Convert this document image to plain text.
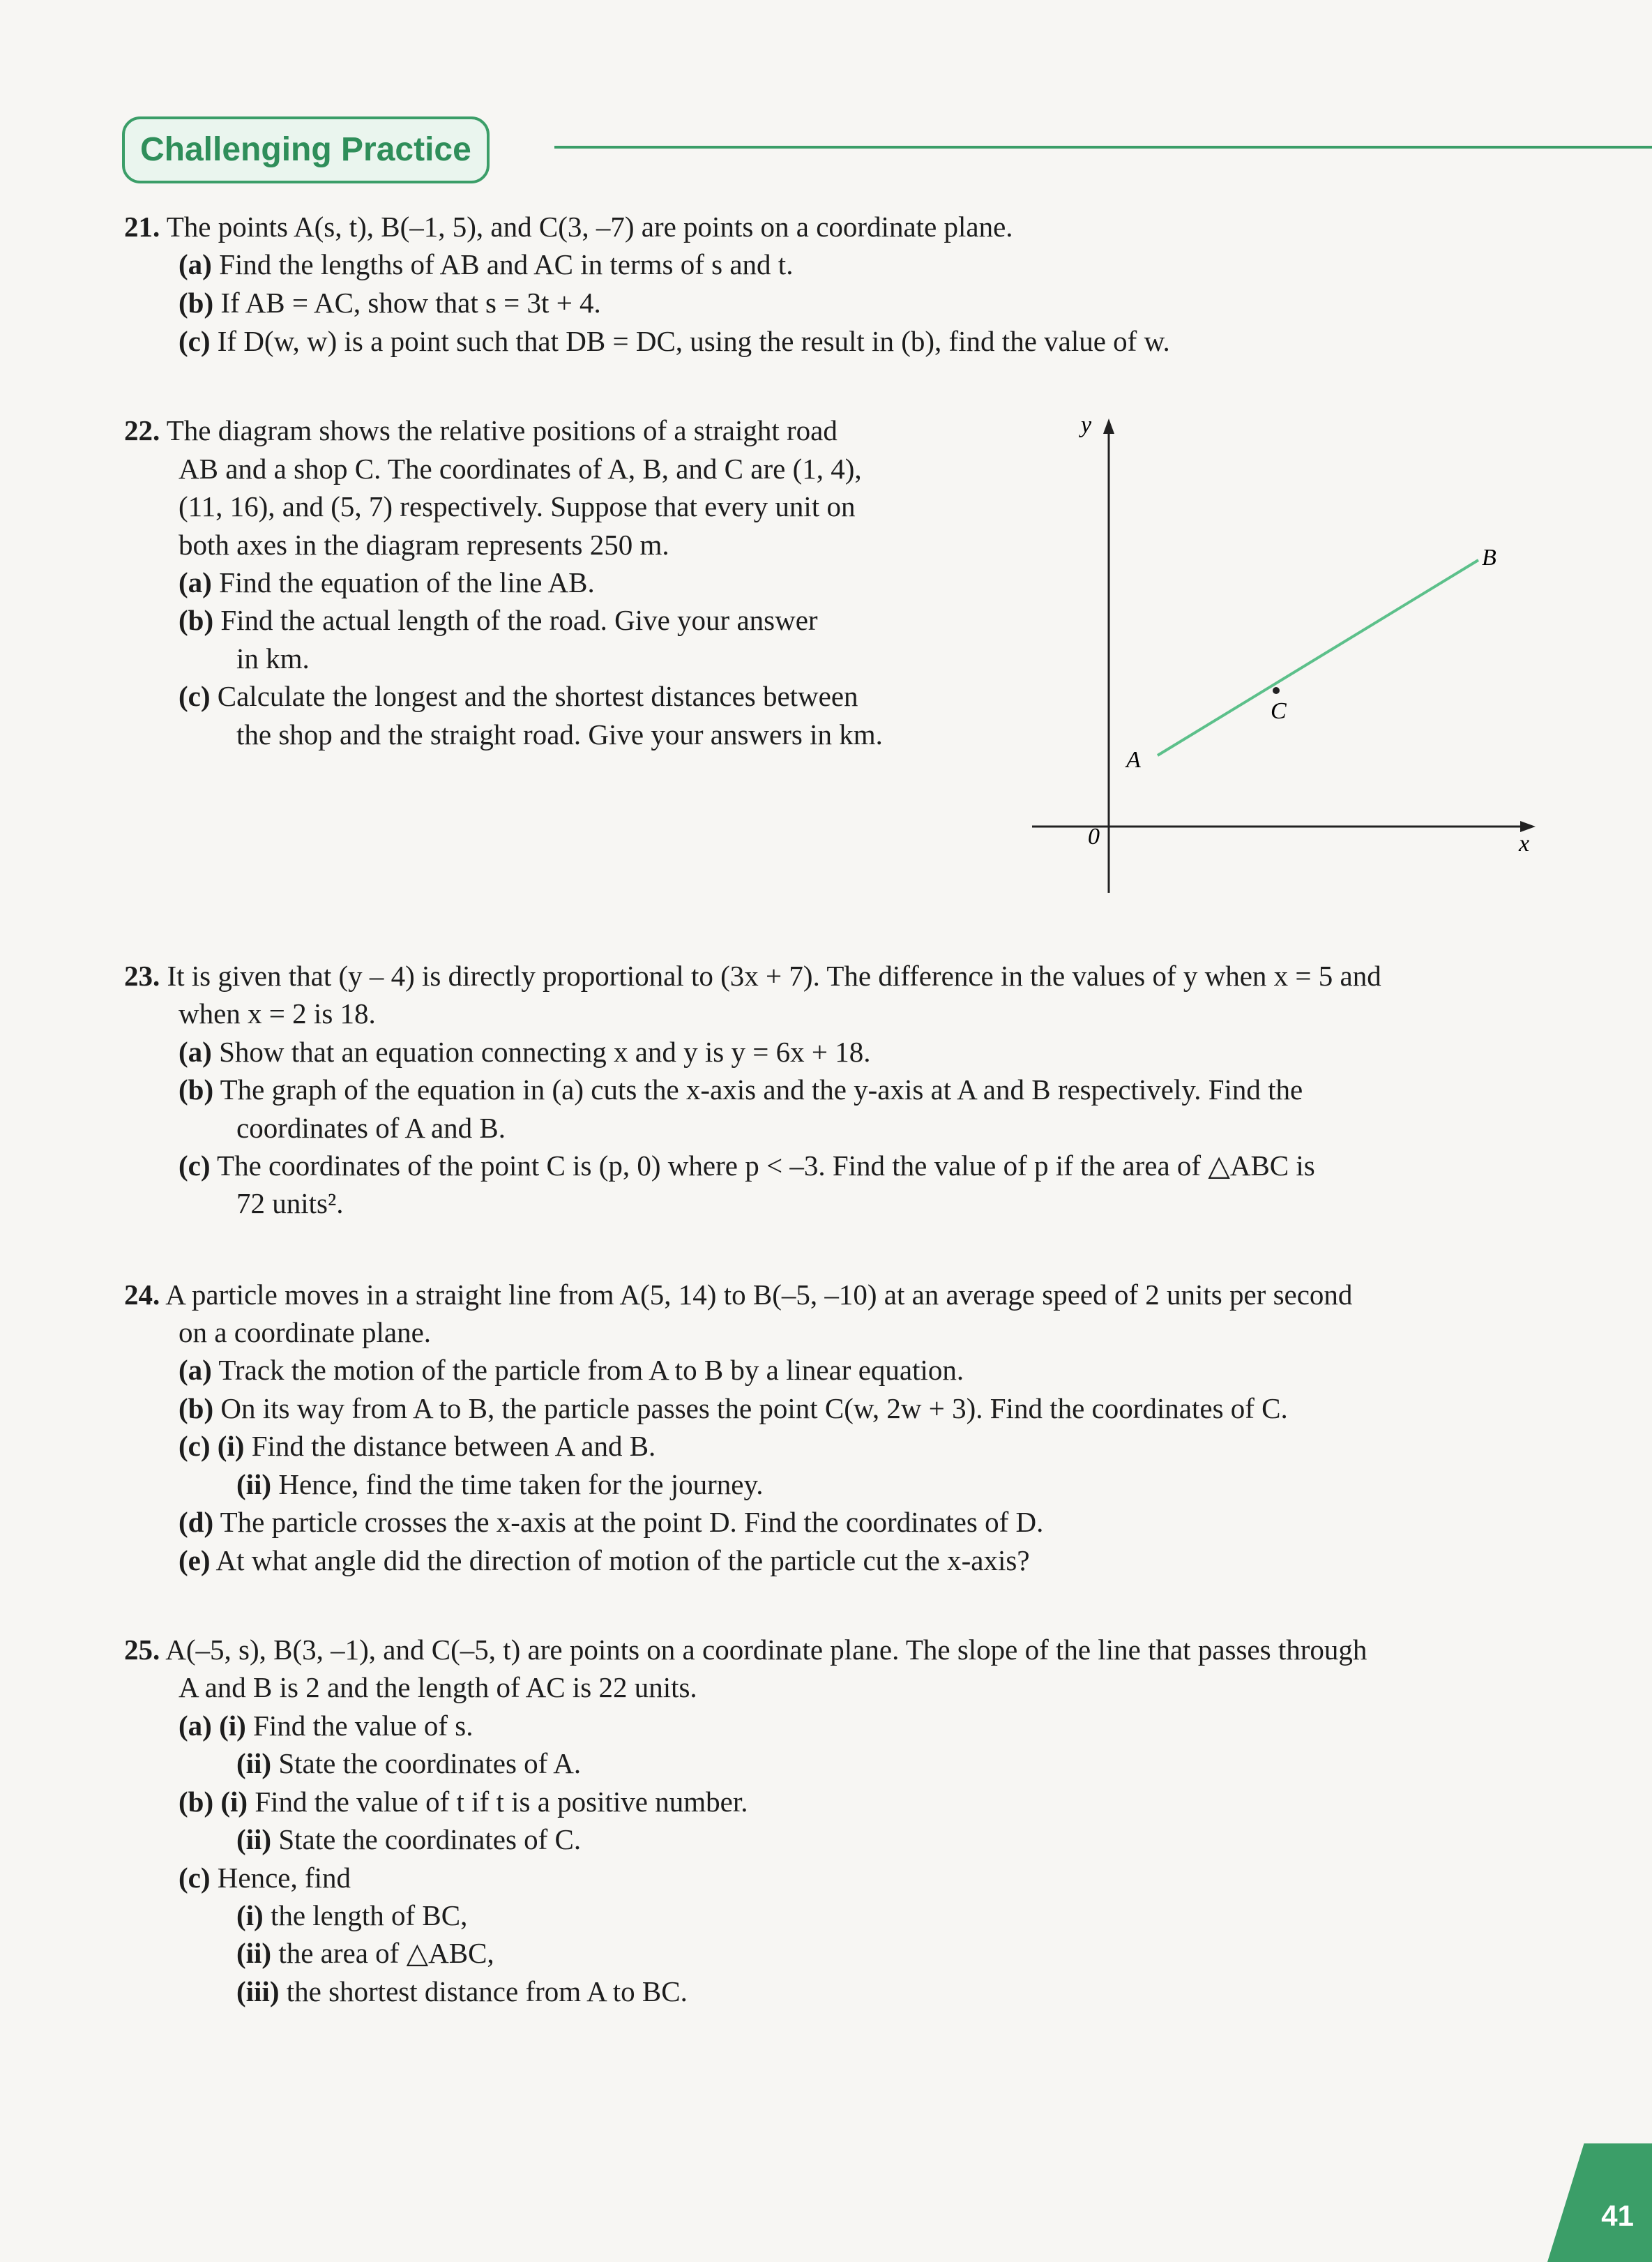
Challenging Practice
21. The points A(s, t), B(–1, 5), and C(3, –7) are points on a coordinate plane.
(a) Find the lengths of AB and AC in terms of s and t.
(b) If AB = AC, show that s = 3t + 4.
(c) If D(w, w) is a point such that DB = DC, using the result in (b), find the value of w.
22. The diagram shows the relative positions of a straight road
AB and a shop C. The coordinates of A, B, and C are (1, 4),
(11, 16), and (5, 7) respectively. Suppose that every unit on
both axes in the diagram represents 250 m.
(a) Find the equation of the line AB.
(b) Find the actual length of the road. Give your answer
in km.
(c) Calculate the longest and the shortest distances between
the shop and the straight road. Give your answers in km.
y
x
0
A
B
C
23. It is given that (y – 4) is directly proportional to (3x + 7). The difference in the values of y when x = 5 and
when x = 2 is 18.
(a) Show that an equation connecting x and y is y = 6x + 18.
(b) The graph of the equation in (a) cuts the x-axis and the y-axis at A and B respectively. Find the
coordinates of A and B.
(c) The coordinates of the point C is (p, 0) where p < –3. Find the value of p if the area of △ABC is
72 units².
24. A particle moves in a straight line from A(5, 14) to B(–5, –10) at an average speed of 2 units per second
on a coordinate plane.
(a) Track the motion of the particle from A to B by a linear equation.
(b) On its way from A to B, the particle passes the point C(w, 2w + 3). Find the coordinates of C.
(c) (i) Find the distance between A and B.
(ii) Hence, find the time taken for the journey.
(d) The particle crosses the x-axis at the point D. Find the coordinates of D.
(e) At what angle did the direction of motion of the particle cut the x-axis?
25. A(–5, s), B(3, –1), and C(–5, t) are points on a coordinate plane. The slope of the line that passes through
A and B is 2 and the length of AC is 22 units.
(a) (i) Find the value of s.
(ii) State the coordinates of A.
(b) (i) Find the value of t if t is a positive number.
(ii) State the coordinates of C.
(c) Hence, find
(i) the length of BC,
(ii) the area of △ABC,
(iii) the shortest distance from A to BC.
41
